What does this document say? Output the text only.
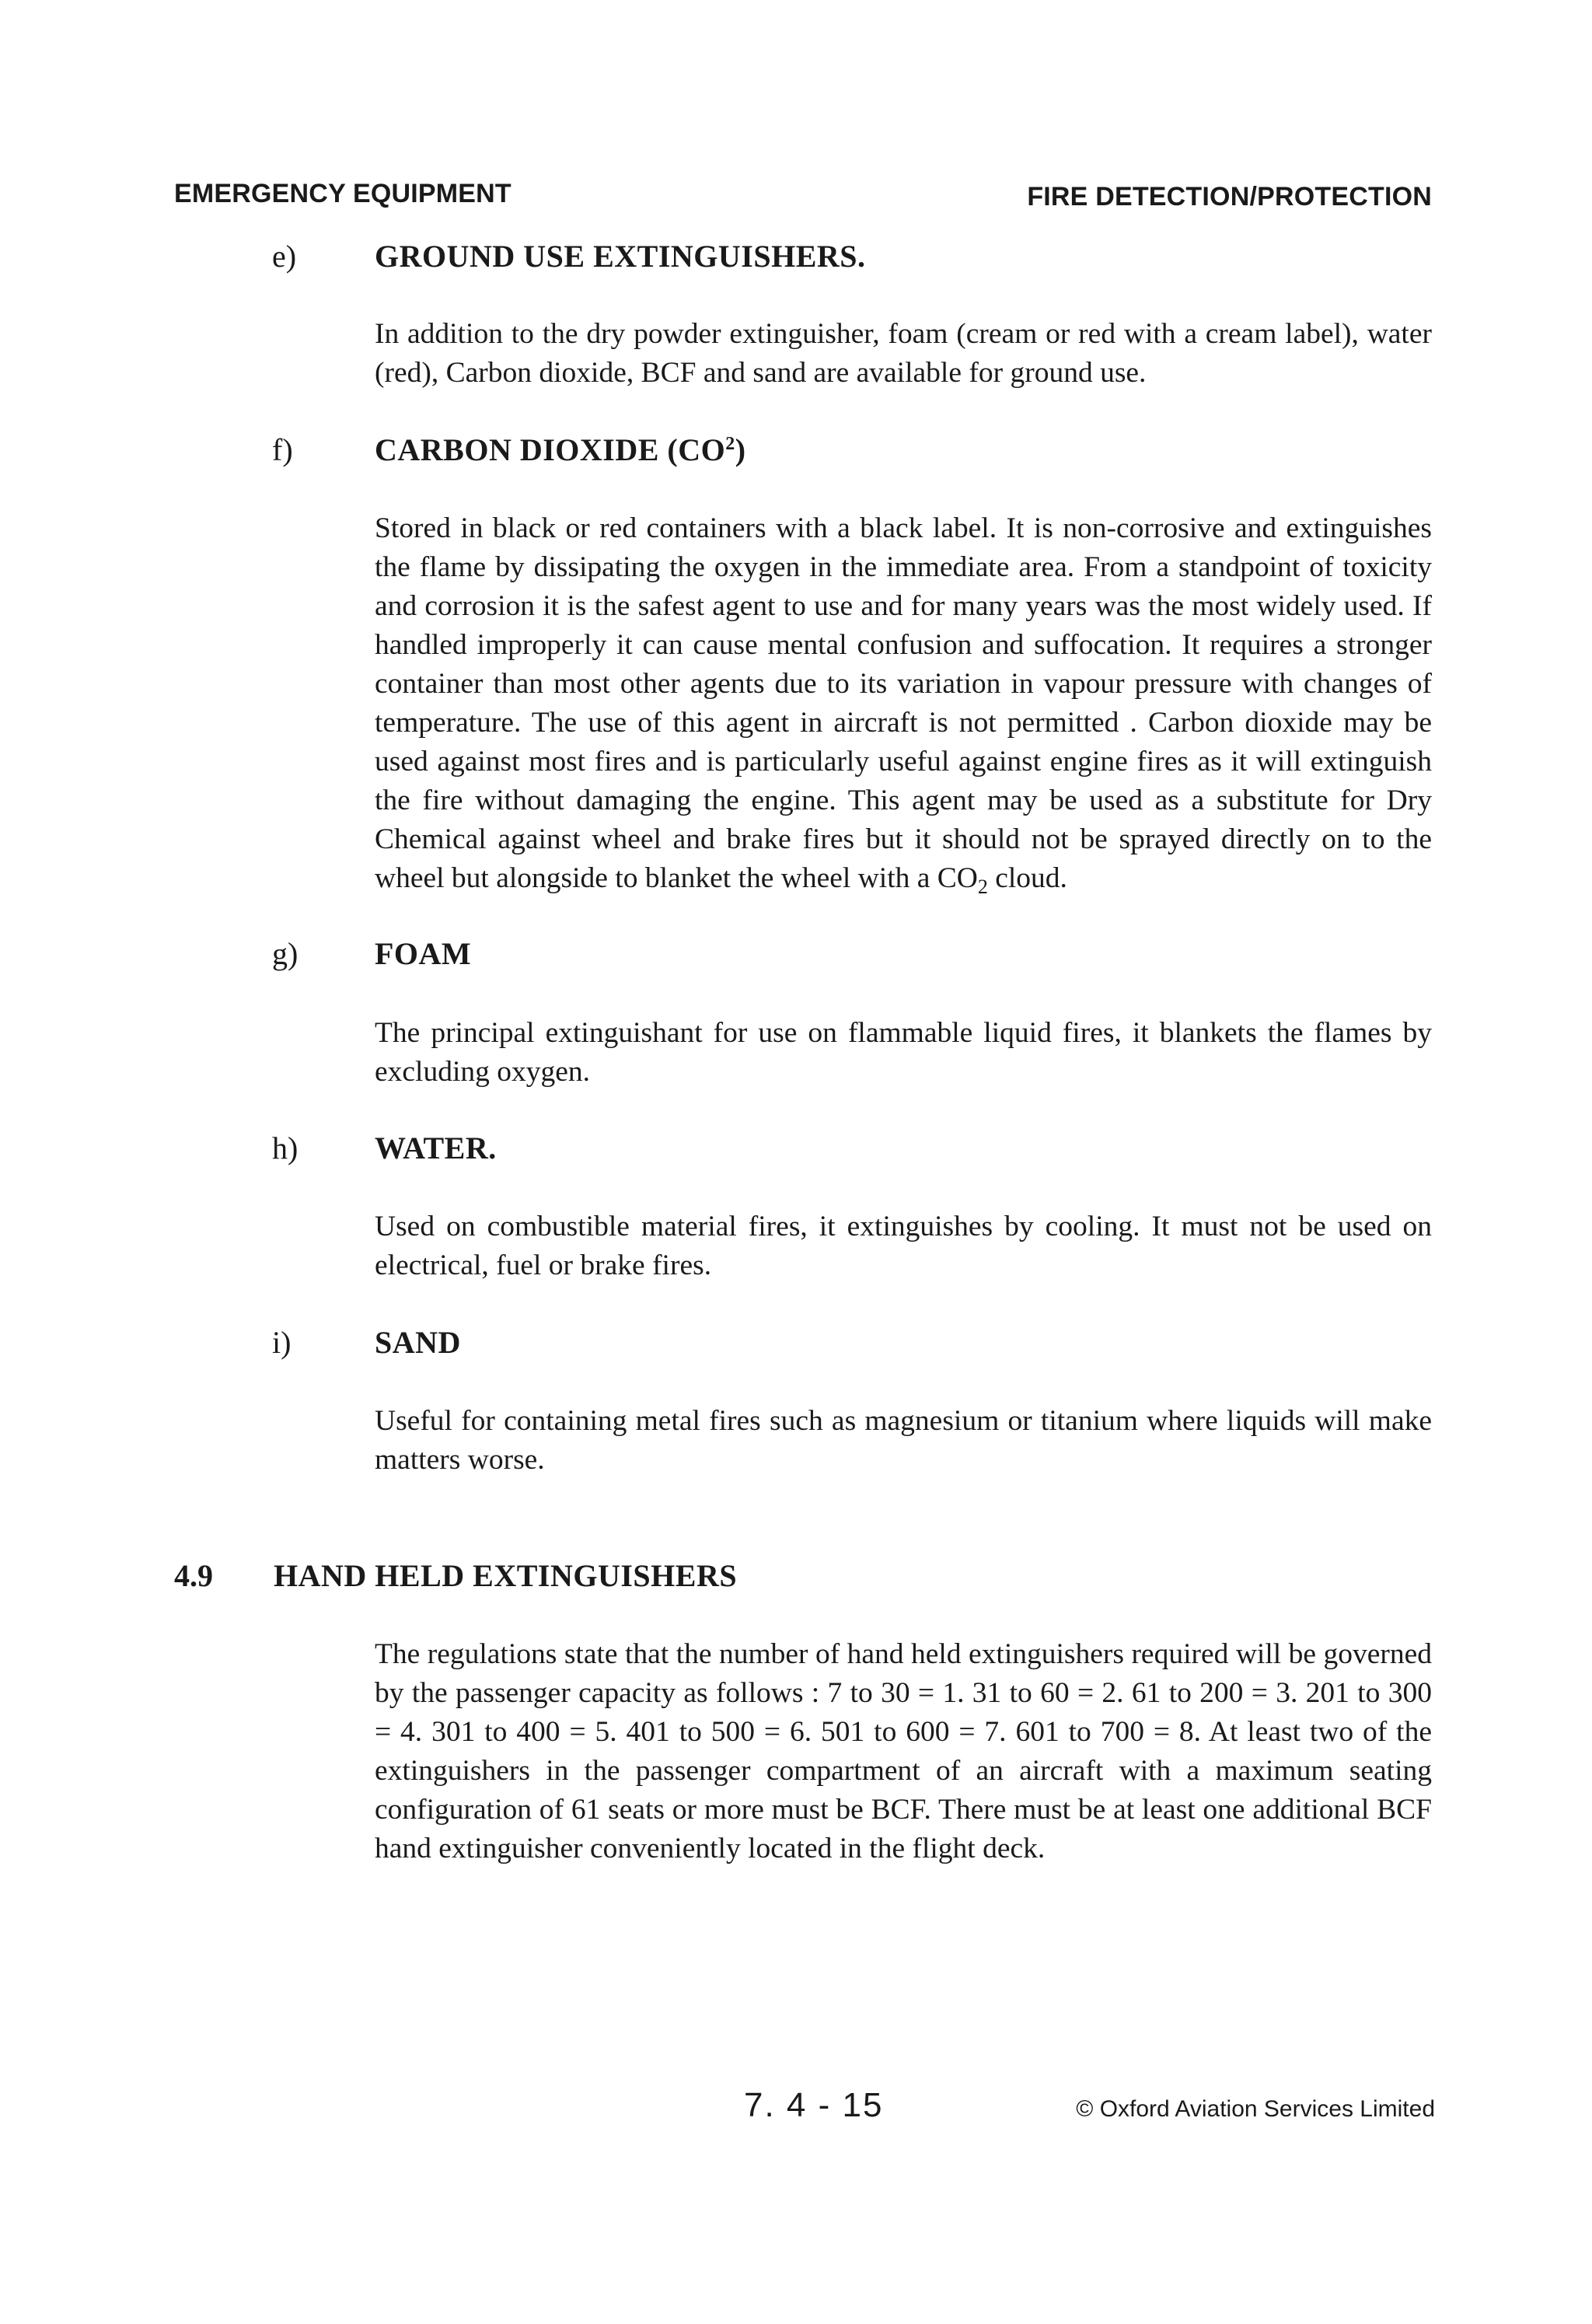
EMERGENCY EQUIPMENT	FIRE DETECTION/PROTECTION
e)	GROUND USE EXTINGUISHERS.
In addition to the dry powder extinguisher, foam (cream or red with a cream label), water (red), Carbon dioxide, BCF and sand are available for ground use.
f)	CARBON DIOXIDE $(CO^2)$
Stored in black or red containers with a black label. It is non-corrosive and extinguishes the flame by dissipating the oxygen in the immediate area. From a standpoint of toxicity and corrosion it is the safest agent to use and for many years was the most widely used. If handled improperly it can cause mental confusion and suffocation. It requires a stronger container than most other agents due to its variation in vapour pressure with changes of temperature. The use of this agent in aircraft is not permitted . Carbon dioxide may be used against most fires and is particularly useful against engine fires as it will extinguish the fire without damaging the engine. This agent may be used as a substitute for Dry Chemical against wheel and brake fires but it should not be sprayed directly on to the wheel but alongside to blanket the wheel with a $CO_2$ cloud.
g) FOAM
The principal extinguishant for use on flammable liquid fires, it blankets the flames by excluding oxygen.
h) WATER.
Used on combustible material fires, it extinguishes by cooling. It must not be used on electrical, fuel or brake fires.
i)	SAND
Useful for containing metal fires such as magnesium or titanium where liquids will make matters worse.
4.9 HAND HELD EXTINGUISHERS
The regulations state that the number of hand held extinguishers required will be governed by the passenger capacity as follows : 7 to 30 = 1. 31 to 60 = 2. 61 to 200 = 3. 201 to 300 = 4. 301 to 400 = 5. 401 to 500 = 6. 501 to 600 = 7. 601 to 700 = 8. At least two of the extinguishers in the passenger compartment of an aircraft with a maximum seating configuration of 61 seats or more must be BCF. There must be at least one additional BCF hand extinguisher conveniently located in the flight deck.
7. 4 - 15	© Oxford Aviation Services Limited
